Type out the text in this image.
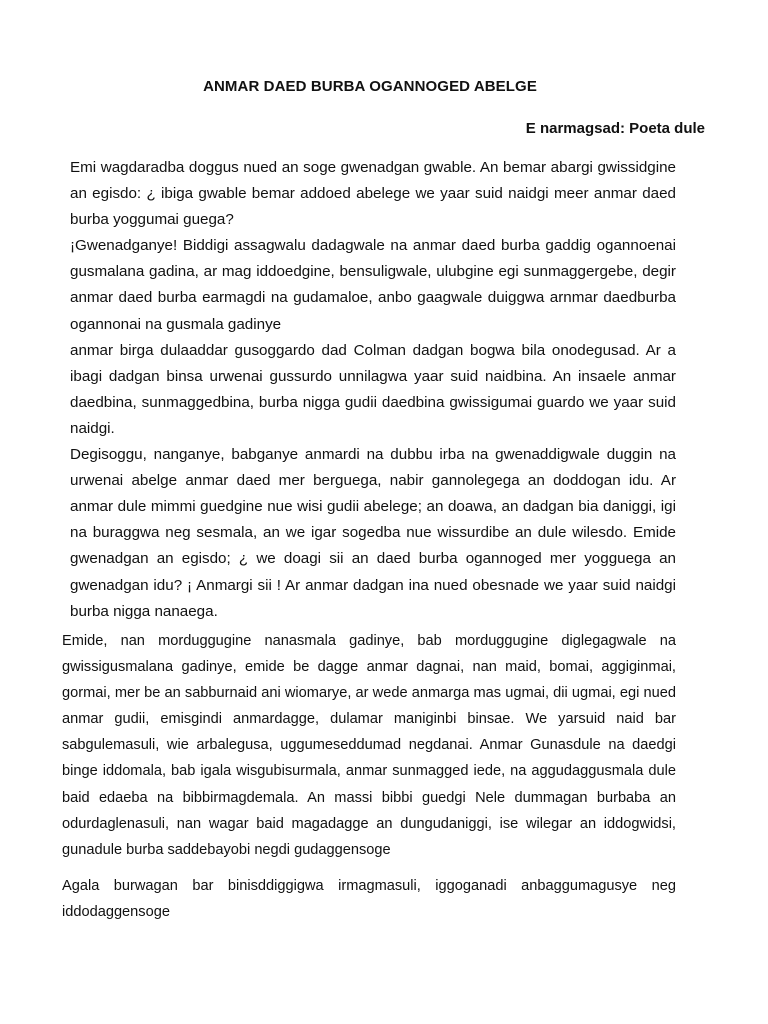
ANMAR DAED BURBA OGANNOGED ABELGE
E narmagsad: Poeta dule

Emi wagdaradba doggus nued an soge gwenadgan gwable. An bemar abargi gwissidgine an egisdo: ¿ ibiga gwable bemar addoed abelege we yaar suid naidgi meer anmar daed burba yoggumai guega?

¡Gwenadganye! Biddigi assagwalu dadagwale na anmar daed burba gaddig ogannoenai gusmalana gadina, ar mag iddoedgine, bensuligwale, ulubgine egi sunmaggergebe, degir anmar daed burba earmagdi na gudamaloe, anbo gaagwale duiggwa arnmar daedburba ogannonai na gusmala gadinye

anmar birga dulaaddar gusoggardo dad Colman dadgan bogwa bila onodegusad. Ar a ibagi dadgan binsa urwenai gussurdo unnilagwa yaar suid naidbina. An insaele anmar daedbina, sunmaggedbina, burba nigga gudii daedbina gwissigumai guardo we yaar suid naidgi.

Degisoggu, nanganye, babganye anmardi na dubbu irba na gwenaddigwale duggin na urwenai abelge anmar daed mer berguega, nabir gannolegega an doddogan idu. Ar anmar dule mimmi guedgine nue wisi gudii abelege; an doawa, an dadgan bia daniggi, igi na buraggwa neg sesmala, an we igar sogedba nue wissurdibe an dule wilesdo. Emide gwenadgan an egisdo; ¿ we doagi sii an daed burba ogannoged mer yogguega an gwenadgan idu? ¡ Anmargi sii ! Ar anmar dadgan ina nued obesnade we yaar suid naidgi burba nigga nanaega.

Emide, nan morduggugine nanasmala gadinye, bab morduggugine diglegagwale na gwissigusmalana gadinye, emide be dagge anmar dagnai, nan maid, bomai, aggiginmai, gormai, mer be an sabburnaid ani wiomarye, ar wede anmarga mas ugmai, dii ugmai, egi nued anmar gudii, emisgindi anmardagge, dulamar maniginbi binsae. We yarsuid naid bar sabgulemasuli, wie arbalegusa, uggumeseddumad negdanai. Anmar Gunasdule na daedgi binge iddomala, bab igala wisgubisurmala, anmar sunmagged iede, na aggudaggusmala dule baid edaeba na bibbirmagdemala. An massi bibbi guedgi Nele dummagan burbaba an odurdaglenasuli, nan wagar baid magadagge an dungudaniggi, ise wilegar an iddogwidsi, gunadule burba saddebayobi negdi gudaggensoge

Agala burwagan bar binisddiggigwa irmagmasuli, iggoganadi anbaggumagusye neg iddodaggensoge
